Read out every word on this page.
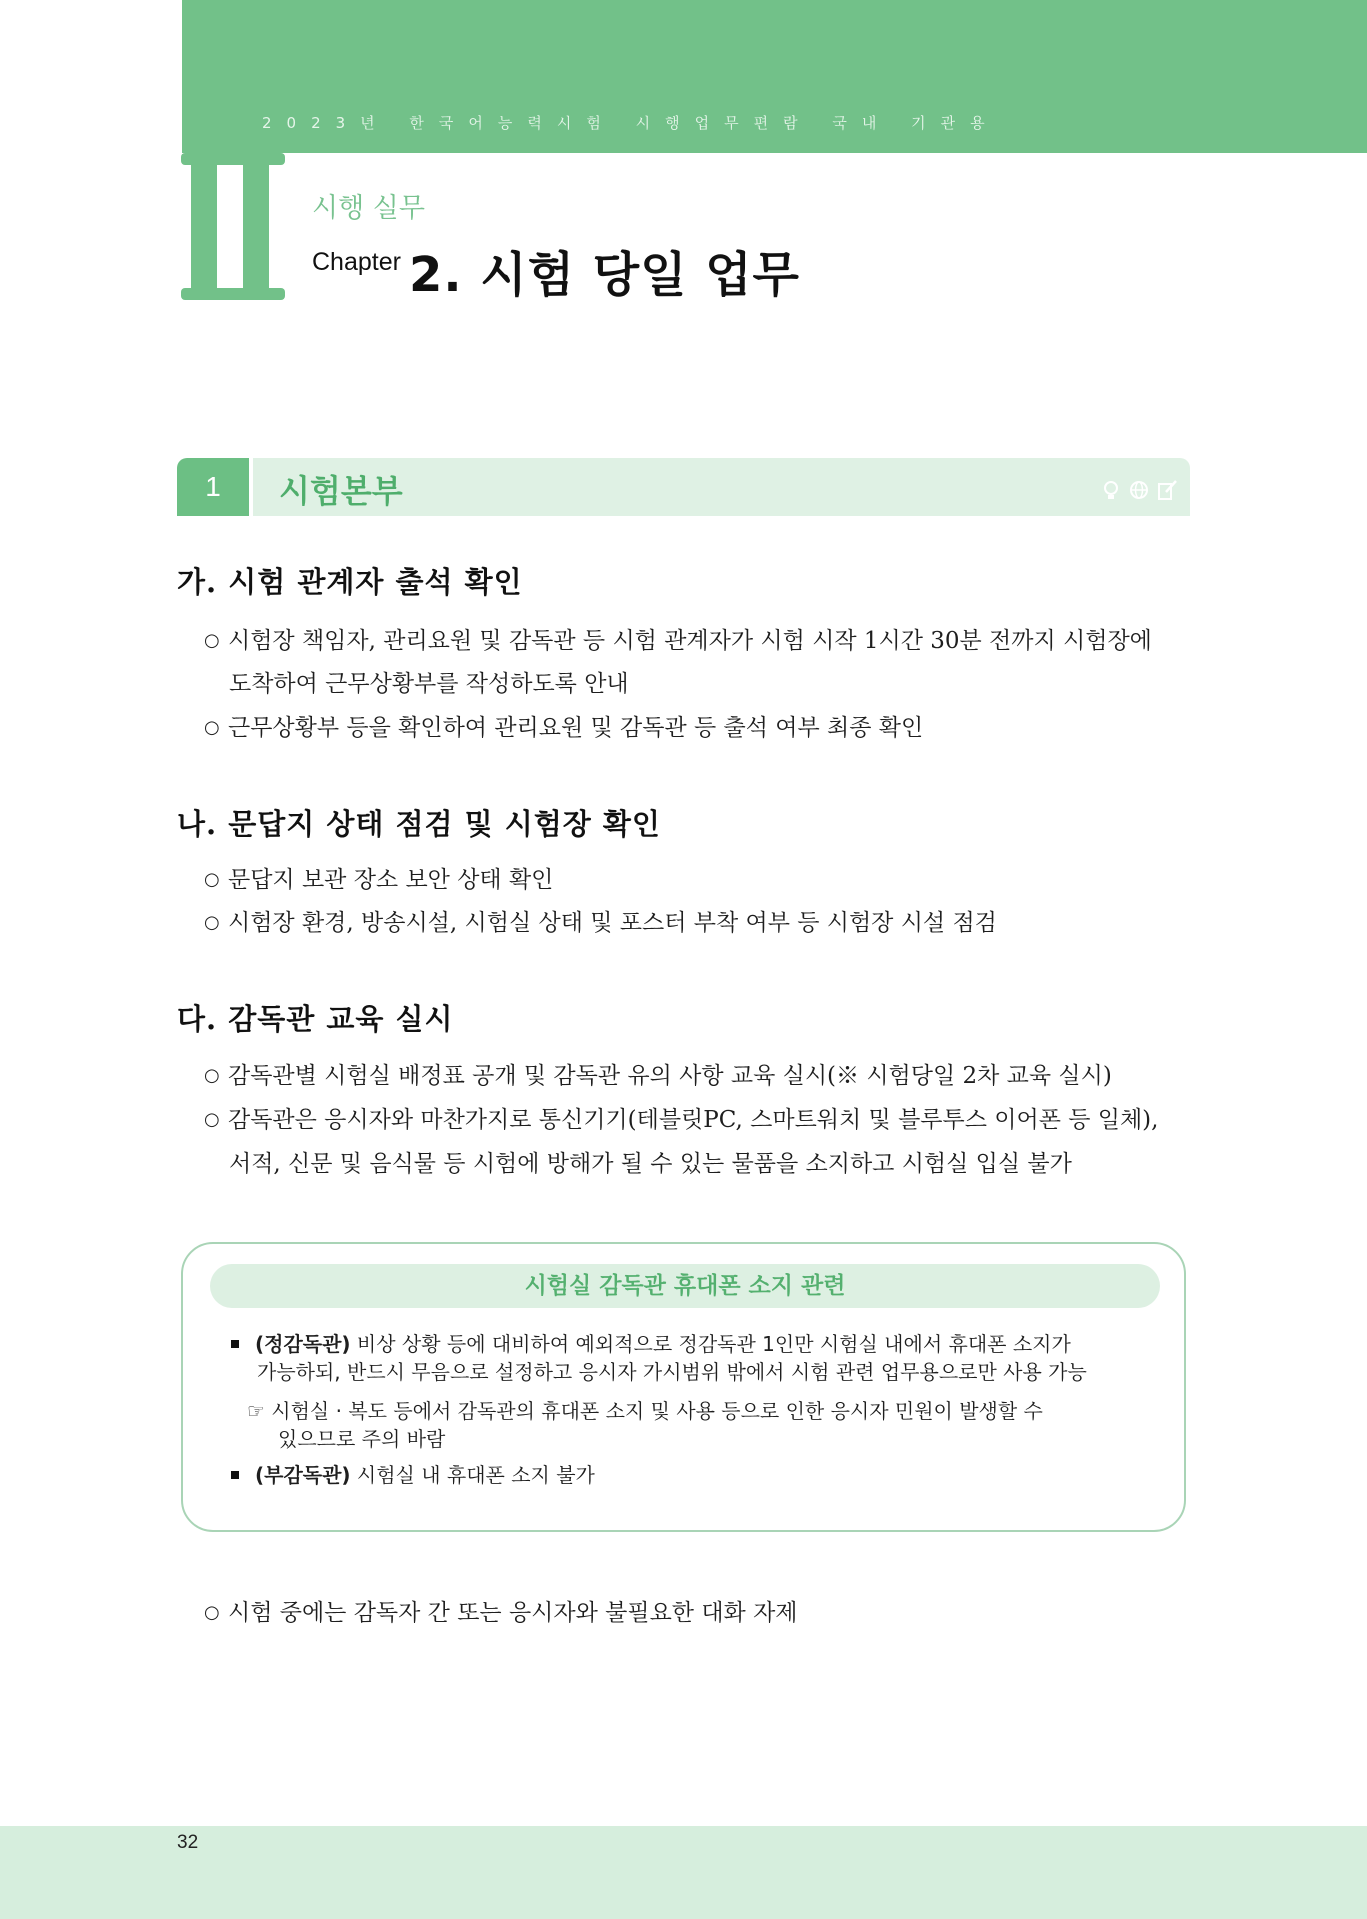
2023년 한국어능력시험 시행업무편람 국내 기관용
시행 실무
Chapter 2. 시험 당일 업무
1	시험본부
가. 시험 관계자 출석 확인
○ 시험장 책임자, 관리요원 및 감독관 등 시험 관계자가 시험 시작 1시간 30분 전까지 시험장에
도착하여 근무상황부를 작성하도록 안내
○ 근무상황부 등을 확인하여 관리요원 및 감독관 등 출석 여부 최종 확인
나. 문답지 상태 점검 및 시험장 확인
○ 문답지 보관 장소 보안 상태 확인
○ 시험장 환경, 방송시설, 시험실 상태 및 포스터 부착 여부 등 시험장 시설 점검
다. 감독관 교육 실시
○ 감독관별 시험실 배정표 공개 및 감독관 유의 사항 교육 실시(※ 시험당일 2차 교육 실시)
○ 감독관은 응시자와 마찬가지로 통신기기(테블릿PC, 스마트워치 및 블루투스 이어폰 등 일체),
서적, 신문 및 음식물 등 시험에 방해가 될 수 있는 물품을 소지하고 시험실 입실 불가
시험실 감독관 휴대폰 소지 관련
(정감독관) 비상 상황 등에 대비하여 예외적으로 정감독관 1인만 시험실 내에서 휴대폰 소지가
가능하되, 반드시 무음으로 설정하고 응시자 가시범위 밖에서 시험 관련 업무용으로만 사용 가능
☞ 시험실 · 복도 등에서 감독관의 휴대폰 소지 및 사용 등으로 인한 응시자 민원이 발생할 수
있으므로 주의 바람
(부감독관) 시험실 내 휴대폰 소지 불가
○ 시험 중에는 감독자 간 또는 응시자와 불필요한 대화 자제
32
